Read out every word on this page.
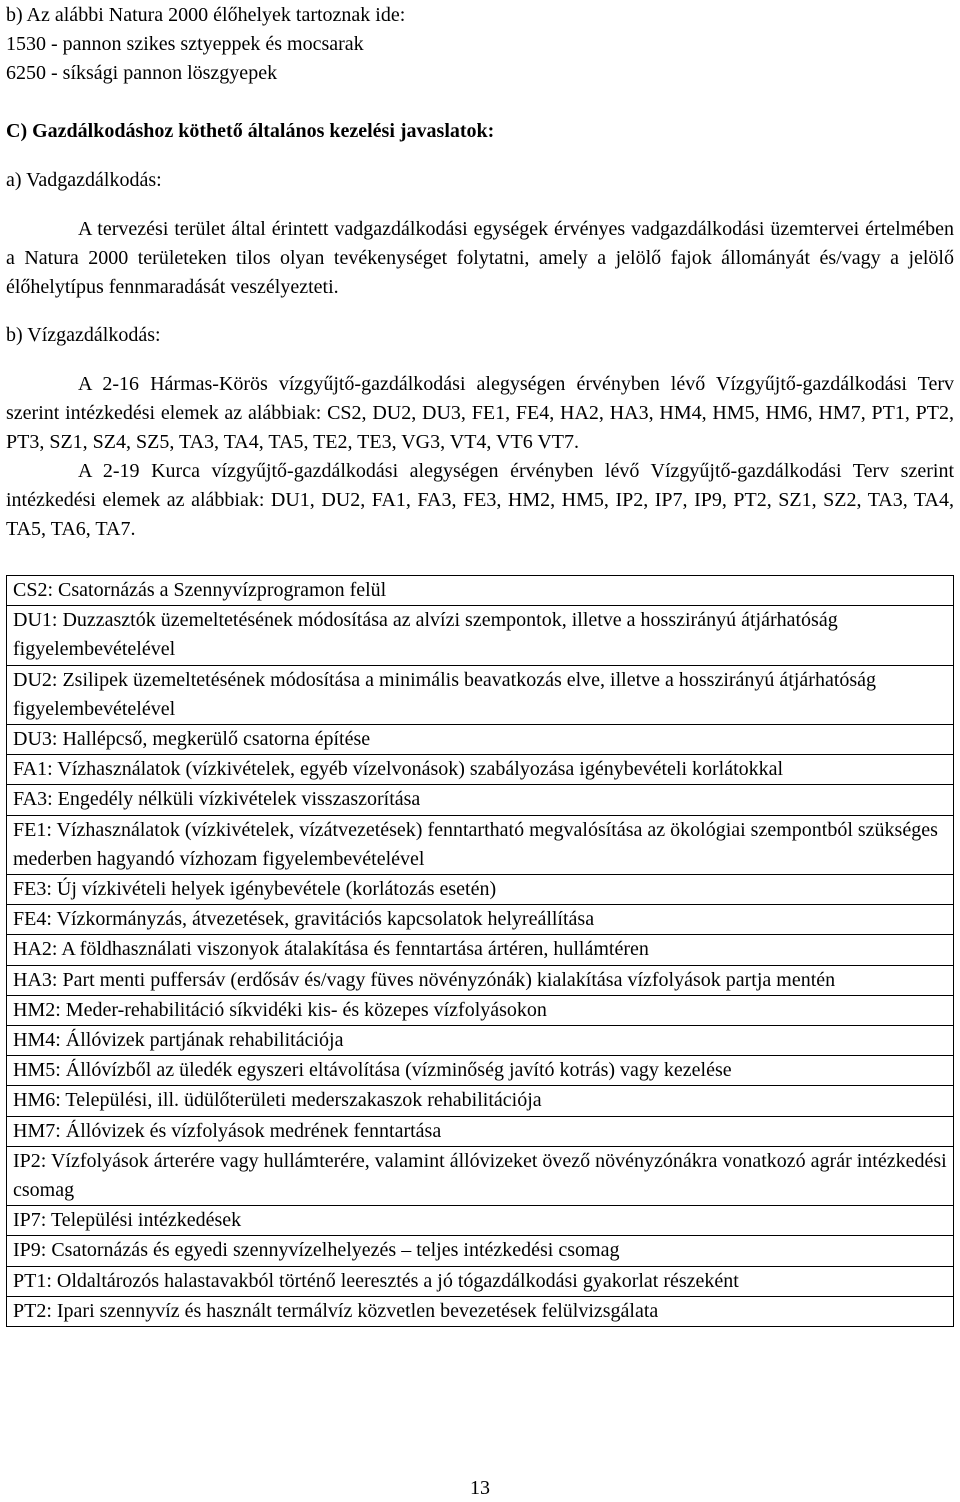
b) Az alábbi Natura 2000 élőhelyek tartoznak ide:

1530 - pannon szikes sztyeppek és mocsarak

6250 - síksági pannon löszgyepek

C) Gazdálkodáshoz köthető általános kezelési javaslatok:

a) Vadgazdálkodás:

A tervezési terület által érintett vadgazdálkodási egységek érvényes vadgazdálkodási üzemtervei értelmében a Natura 2000 területeken tilos olyan tevékenységet folytatni, amely a jelölő fajok állományát és/vagy a jelölő élőhelytípus fennmaradását veszélyezteti.

b) Vízgazdálkodás:

A 2-16 Hármas-Körös vízgyűjtő-gazdálkodási alegységen érvényben lévő Vízgyűjtő-gazdálkodási Terv szerint intézkedési elemek az alábbiak: CS2, DU2, DU3, FE1, FE4, HA2, HA3, HM4, HM5, HM6, HM7, PT1, PT2, PT3, SZ1, SZ4, SZ5, TA3, TA4, TA5, TE2, TE3, VG3, VT4, VT6 VT7.

A 2-19 Kurca vízgyűjtő-gazdálkodási alegységen érvényben lévő Vízgyűjtő-gazdálkodási Terv szerint intézkedési elemek az alábbiak: DU1, DU2, FA1, FA3, FE3, HM2, HM5, IP2, IP7, IP9, PT2, SZ1, SZ2, TA3, TA4, TA5, TA6, TA7.

CS2: Csatornázás a Szennyvízprogramon felül
DU1: Duzzasztók üzemeltetésének módosítása az alvízi szempontok, illetve a hosszirányú átjárhatóság figyelembevételével
DU2: Zsilipek üzemeltetésének módosítása a minimális beavatkozás elve, illetve a hosszirányú átjárhatóság figyelembevételével
DU3: Hallépcső, megkerülő csatorna építése
FA1: Vízhasználatok (vízkivételek, egyéb vízelvonások) szabályozása igénybevételi korlátokkal
FA3: Engedély nélküli vízkivételek visszaszorítása
FE1: Vízhasználatok (vízkivételek, vízátvezetések) fenntartható megvalósítása az ökológiai szempontból szükséges mederben hagyandó vízhozam figyelembevételével
FE3: Új vízkivételi helyek igénybevétele (korlátozás esetén)
FE4: Vízkormányzás, átvezetések, gravitációs kapcsolatok helyreállítása
HA2: A földhasználati viszonyok átalakítása és fenntartása ártéren, hullámtéren
HA3: Part menti puffersáv (erdősáv és/vagy füves növényzónák) kialakítása vízfolyások partja mentén
HM2: Meder-rehabilitáció síkvidéki kis- és közepes vízfolyásokon
HM4: Állóvizek partjának rehabilitációja
HM5: Állóvízből az üledék egyszeri eltávolítása (vízminőség javító kotrás) vagy kezelése
HM6: Települési, ill. üdülőterületi mederszakaszok rehabilitációja
HM7: Állóvizek és vízfolyások medrének fenntartása
IP2: Vízfolyások árterére vagy hullámterére, valamint állóvizeket övező növényzónákra vonatkozó agrár intézkedési csomag
IP7: Települési intézkedések
IP9: Csatornázás és egyedi szennyvízelhelyezés – teljes intézkedési csomag
PT1: Oldaltározós halastavakból történő leeresztés a jó tógazdálkodási gyakorlat részeként
PT2: Ipari szennyvíz és használt termálvíz közvetlen bevezetések felülvizsgálata
13
